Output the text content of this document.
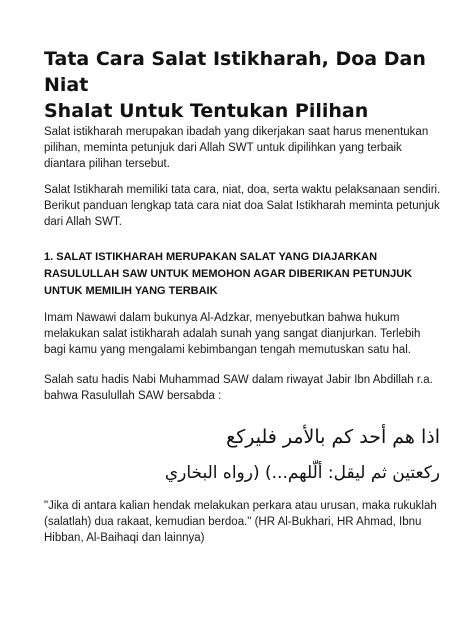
Tata Cara Salat Istikharah, Doa Dan Niat
Shalat Untuk Tentukan Pilihan

Salat istikharah merupakan ibadah yang dikerjakan saat harus menentukan pilihan, meminta petunjuk dari Allah SWT untuk dipilihkan yang terbaik diantara pilihan tersebut.

Salat Istikharah memiliki tata cara, niat, doa, serta waktu pelaksanaan sendiri. Berikut panduan lengkap tata cara niat doa Salat Istikharah meminta petunjuk dari Allah SWT.

1. SALAT ISTIKHARAH MERUPAKAN SALAT YANG DIAJARKAN RASULULLAH SAW UNTUK MEMOHON AGAR DIBERIKAN PETUNJUK UNTUK MEMILIH YANG TERBAIK

Imam Nawawi dalam bukunya Al-Adzkar, menyebutkan bahwa hukum melakukan salat istikharah adalah sunah yang sangat dianjurkan. Terlebih bagi kamu yang mengalami kebimbangan tengah memutuskan satu hal.

Salah satu hadis Nabi Muhammad SAW dalam riwayat Jabir Ibn Abdillah r.a. bahwa Rasulullah SAW bersabda :

اذا هم أحد كم بالأمر فليركع

ركعتين ثم ليقل: ألّلهم...) (رواه البخاري

"Jika di antara kalian hendak melakukan perkara atau urusan, maka rukuklah (salatlah) dua rakaat, kemudian berdoa." (HR Al-Bukhari, HR Ahmad, Ibnu Hibban, Al-Baihaqi dan lainnya)
